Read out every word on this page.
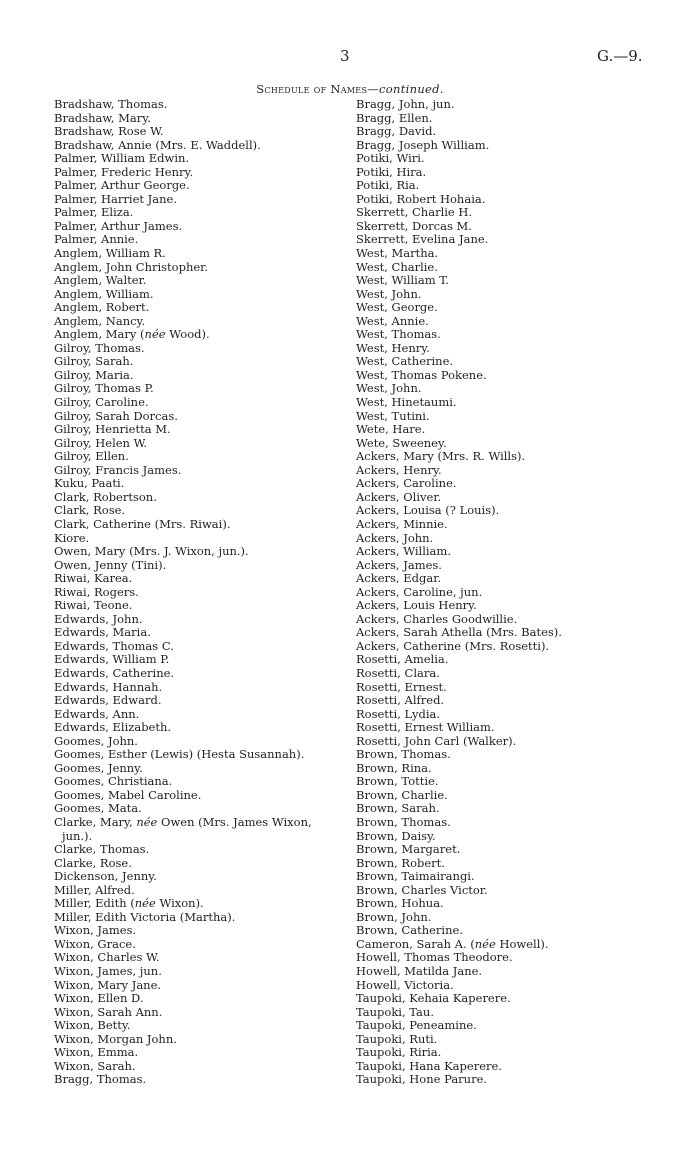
3	G.—9.
Schedule of Names—continued.
Bradshaw, Thomas.
Bradshaw, Mary.
Bradshaw, Rose W.
Bradshaw, Annie (Mrs. E. Waddell).
Palmer, William Edwin.
Palmer, Frederic Henry.
Palmer, Arthur George.
Palmer, Harriet Jane.
Palmer, Eliza.
Palmer, Arthur James.
Palmer, Annie.
Anglem, William R.
Anglem, John Christopher.
Anglem, Walter.
Anglem, William.
Anglem, Robert.
Anglem, Nancy.
Anglem, Mary (née Wood).
Gilroy, Thomas.
Gilroy, Sarah.
Gilroy, Maria.
Gilroy, Thomas P.
Gilroy, Caroline.
Gilroy, Sarah Dorcas.
Gilroy, Henrietta M.
Gilroy, Helen W.
Gilroy, Ellen.
Gilroy, Francis James.
Kuku, Paati.
Clark, Robertson.
Clark, Rose.
Clark, Catherine (Mrs. Riwai).
Kiore.
Owen, Mary (Mrs. J. Wixon, jun.).
Owen, Jenny (Tini).
Riwai, Karea.
Riwai, Rogers.
Riwai, Teone.
Edwards, John.
Edwards, Maria.
Edwards, Thomas C.
Edwards, William P.
Edwards, Catherine.
Edwards, Hannah.
Edwards, Edward.
Edwards, Ann.
Edwards, Elizabeth.
Goomes, John.
Goomes, Esther (Lewis) (Hesta Susannah).
Goomes, Jenny.
Goomes, Christiana.
Goomes, Mabel Caroline.
Goomes, Mata.
Clarke, Mary, née Owen (Mrs. James Wixon,
jun.).
Clarke, Thomas.
Clarke, Rose.
Dickenson, Jenny.
Miller, Alfred.
Miller, Edith (née Wixon).
Miller, Edith Victoria (Martha).
Wixon, James.
Wixon, Grace.
Wixon, Charles W.
Wixon, James, jun.
Wixon, Mary Jane.
Wixon, Ellen D.
Wixon, Sarah Ann.
Wixon, Betty.
Wixon, Morgan John.
Wixon, Emma.
Wixon, Sarah.
Bragg, Thomas.
Bragg, John, jun.
Bragg, Ellen.
Bragg, David.
Bragg, Joseph William.
Potiki, Wiri.
Potiki, Hira.
Potiki, Ria.
Potiki, Robert Hohaia.
Skerrett, Charlie H.
Skerrett, Dorcas M.
Skerrett, Evelina Jane.
West, Martha.
West, Charlie.
West, William T.
West, John.
West, George.
West, Annie.
West, Thomas.
West, Henry.
West, Catherine.
West, Thomas Pokene.
West, John.
West, Hinetaumi.
West, Tutini.
Wete, Hare.
Wete, Sweeney.
Ackers, Mary (Mrs. R. Wills).
Ackers, Henry.
Ackers, Caroline.
Ackers, Oliver.
Ackers, Louisa (? Louis).
Ackers, Minnie.
Ackers, John.
Ackers, William.
Ackers, James.
Ackers, Edgar.
Ackers, Caroline, jun.
Ackers, Louis Henry.
Ackers, Charles Goodwillie.
Ackers, Sarah Athella (Mrs. Bates).
Ackers, Catherine (Mrs. Rosetti).
Rosetti, Amelia.
Rosetti, Clara.
Rosetti, Ernest.
Rosetti, Alfred.
Rosetti, Lydia.
Rosetti, Ernest William.
Rosetti, John Carl (Walker).
Brown, Thomas.
Brown, Rina.
Brown, Tottie.
Brown, Charlie.
Brown, Sarah.
Brown, Thomas.
Brown, Daisy.
Brown, Margaret.
Brown, Robert.
Brown, Taimairangi.
Brown, Charles Victor.
Brown, Hohua.
Brown, John.
Brown, Catherine.
Cameron, Sarah A. (née Howell).
Howell, Thomas Theodore.
Howell, Matilda Jane.
Howell, Victoria.
Taupoki, Kehaia Kaperere.
Taupoki, Tau.
Taupoki, Peneamine.
Taupoki, Ruti.
Taupoki, Riria.
Taupoki, Hana Kaperere.
Taupoki, Hone Parure.
